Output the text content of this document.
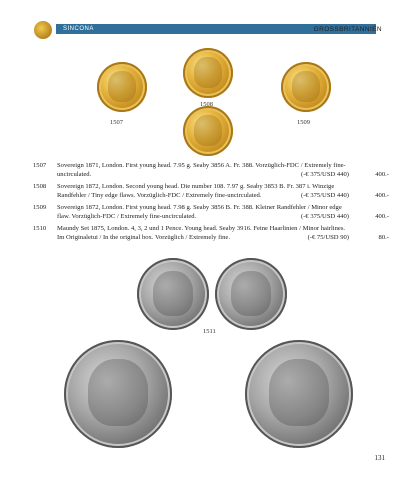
SINCONA	GROSSBRITANNIEN
1507
1508
1509
1507	Sovereign 1871, London. First young head. 7.95 g. Seaby 3856 A. Fr. 388. Vorzüglich-FDC / Extremely fine-
uncirculated.	(-€ 375/USD 440)	400.-
1508	Sovereign 1872, London. Second young head. Die number 108. 7.97 g. Seaby 3853 B. Fr. 387 i. Winzige
Randfehler / Tiny edge flaws. Vorzüglich-FDC / Extremely fine-uncirculated.	(-€ 375/USD 440)	400.-
1509	Sovereign 1872, London. First young head. 7.98 g. Seaby 3856 B. Fr. 388. Kleiner Randfehler / Minor edge
flaw. Vorzüglich-FDC / Extremely fine-uncirculated.	(-€ 375/USD 440)	400.-
1510	Maundy Set 1875, London. 4, 3, 2 und 1 Pence. Young head. Seaby 3916. Feine Haarlinien / Minor hairlines.
Im Originaletui / In the original box. Vorzüglich / Extremely fine.	(-€ 75/USD 90)	80.-
1511
131
